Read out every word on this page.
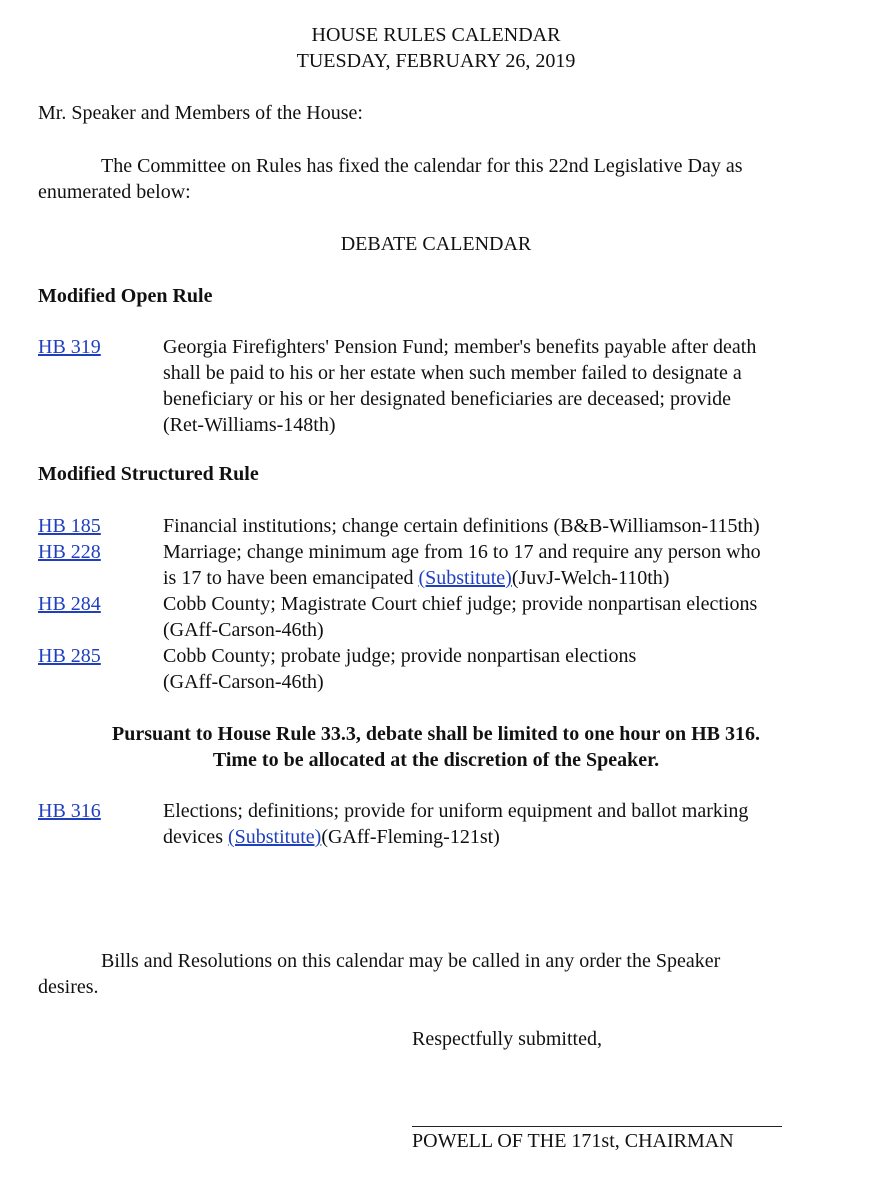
HOUSE RULES CALENDAR
TUESDAY, FEBRUARY 26, 2019
Mr. Speaker and Members of the House:
The Committee on Rules has fixed the calendar for this 22nd Legislative Day as
enumerated below:
DEBATE CALENDAR
Modified Open Rule
HB 319	Georgia Firefighters' Pension Fund; member's benefits payable after death
shall be paid to his or her estate when such member failed to designate a
beneficiary or his or her designated beneficiaries are deceased; provide
(Ret-Williams-148th)
Modified Structured Rule
HB 185	Financial institutions; change certain definitions (B&B-Williamson-115th)
HB 228	Marriage; change minimum age from 16 to 17 and require any person who
is 17 to have been emancipated (Substitute)(JuvJ-Welch-110th)
HB 284	Cobb County; Magistrate Court chief judge; provide nonpartisan elections
(GAff-Carson-46th)
HB 285	Cobb County; probate judge; provide nonpartisan elections
(GAff-Carson-46th)
Pursuant to House Rule 33.3, debate shall be limited to one hour on HB 316.
Time to be allocated at the discretion of the Speaker.
HB 316	Elections; definitions; provide for uniform equipment and ballot marking
devices (Substitute)(GAff-Fleming-121st)
Bills and Resolutions on this calendar may be called in any order the Speaker
desires.
Respectfully submitted,
POWELL OF THE 171st, CHAIRMAN
